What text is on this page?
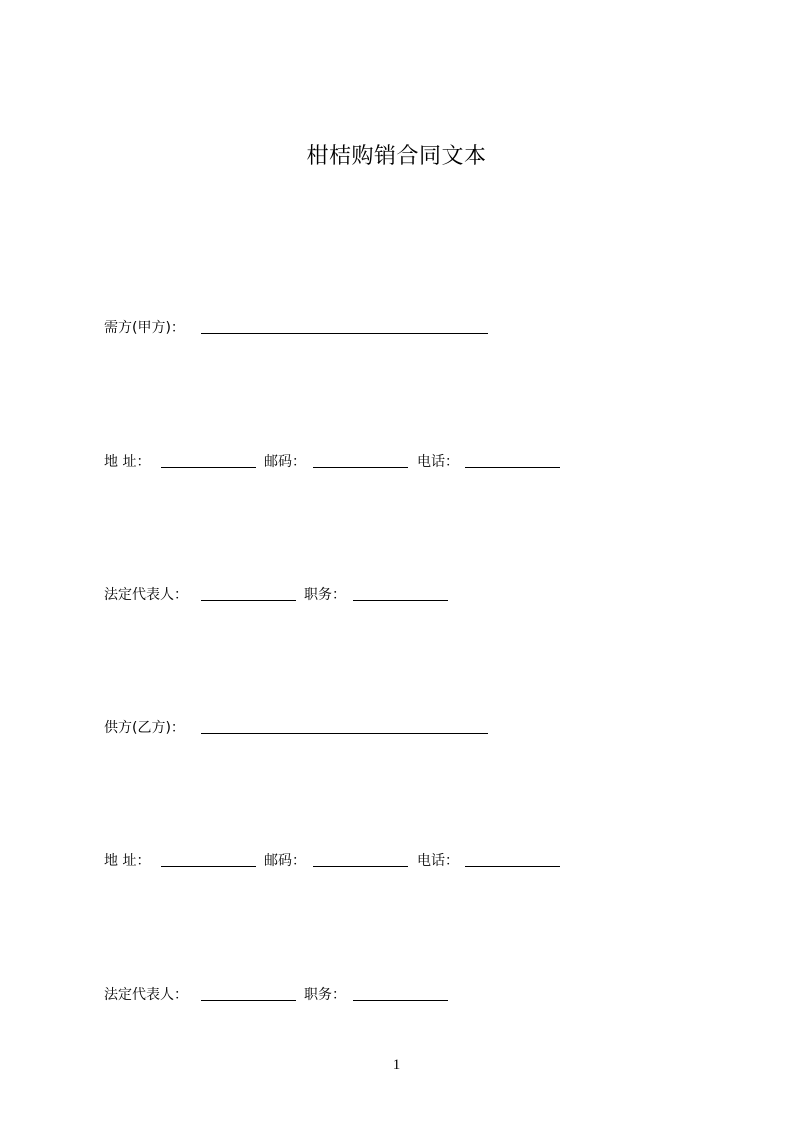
柑桔购销合同文本
需方(甲方)：
地 址：	邮码：	电话：
法定代表人：	职务：
供方(乙方)：
地 址：	邮码：	电话：
法定代表人：	职务：
1
